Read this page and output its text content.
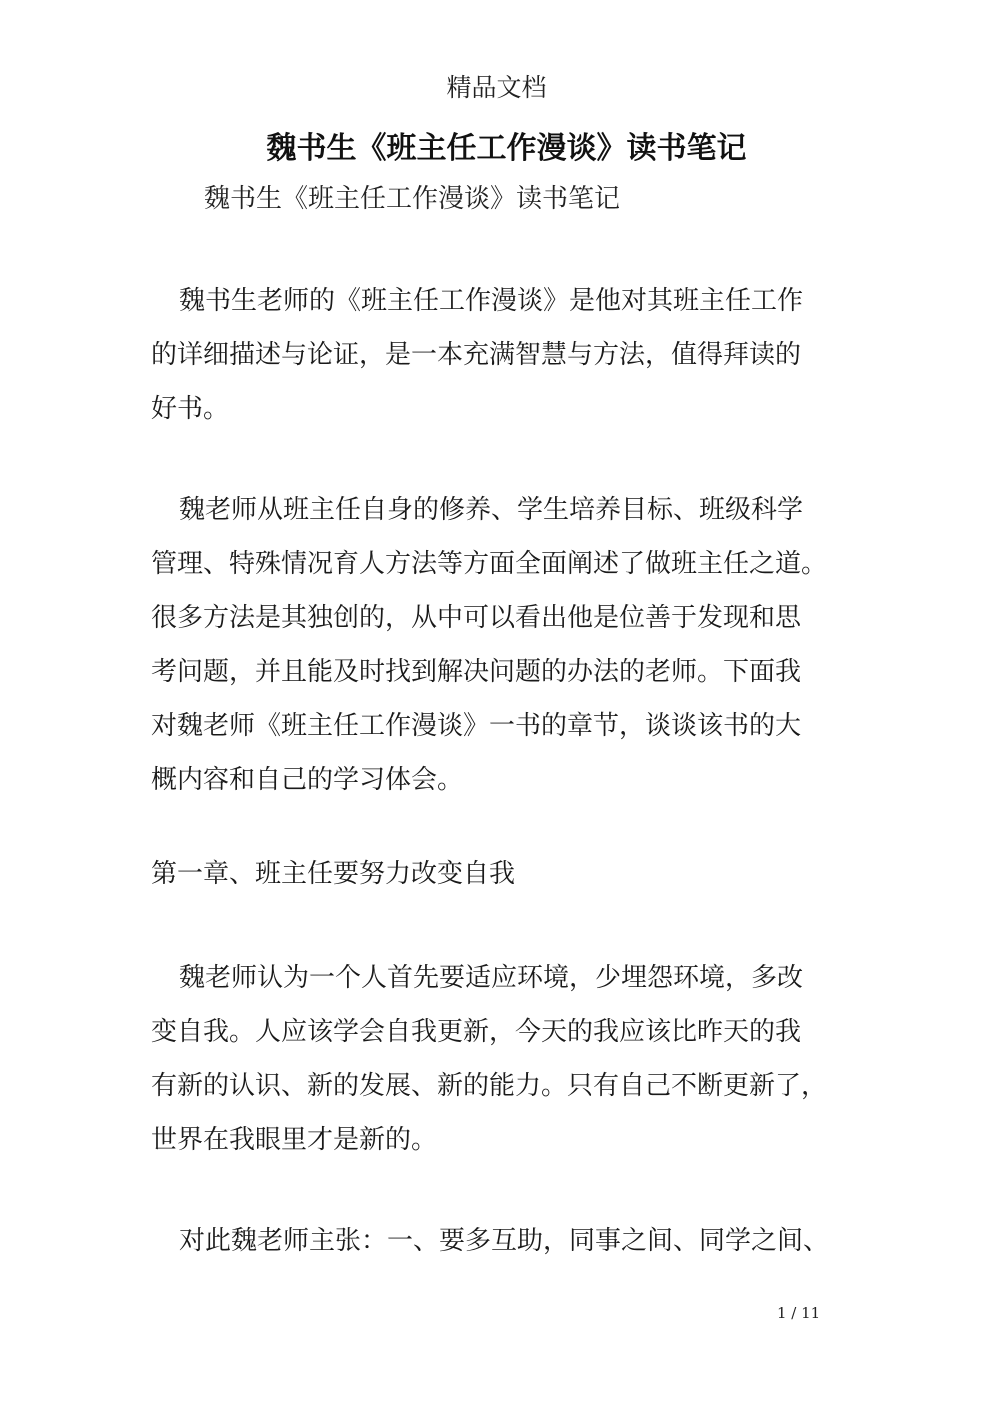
精品文档
魏书生《班主任工作漫谈》读书笔记
魏书生《班主任工作漫谈》读书笔记
魏书生老师的《班主任工作漫谈》是他对其班主任工作
的详细描述与论证，是一本充满智慧与方法，值得拜读的
好书。
魏老师从班主任自身的修养、学生培养目标、班级科学
管理、特殊情况育人方法等方面全面阐述了做班主任之道。
很多方法是其独创的，从中可以看出他是位善于发现和思
考问题，并且能及时找到解决问题的办法的老师。下面我
对魏老师《班主任工作漫谈》一书的章节，谈谈该书的大
概内容和自己的学习体会。
第一章、班主任要努力改变自我
魏老师认为一个人首先要适应环境，少埋怨环境，多改
变自我。人应该学会自我更新，今天的我应该比昨天的我
有新的认识、新的发展、新的能力。只有自己不断更新了，
世界在我眼里才是新的。
对此魏老师主张：一、要多互助，同事之间、同学之间、
1 / 11
